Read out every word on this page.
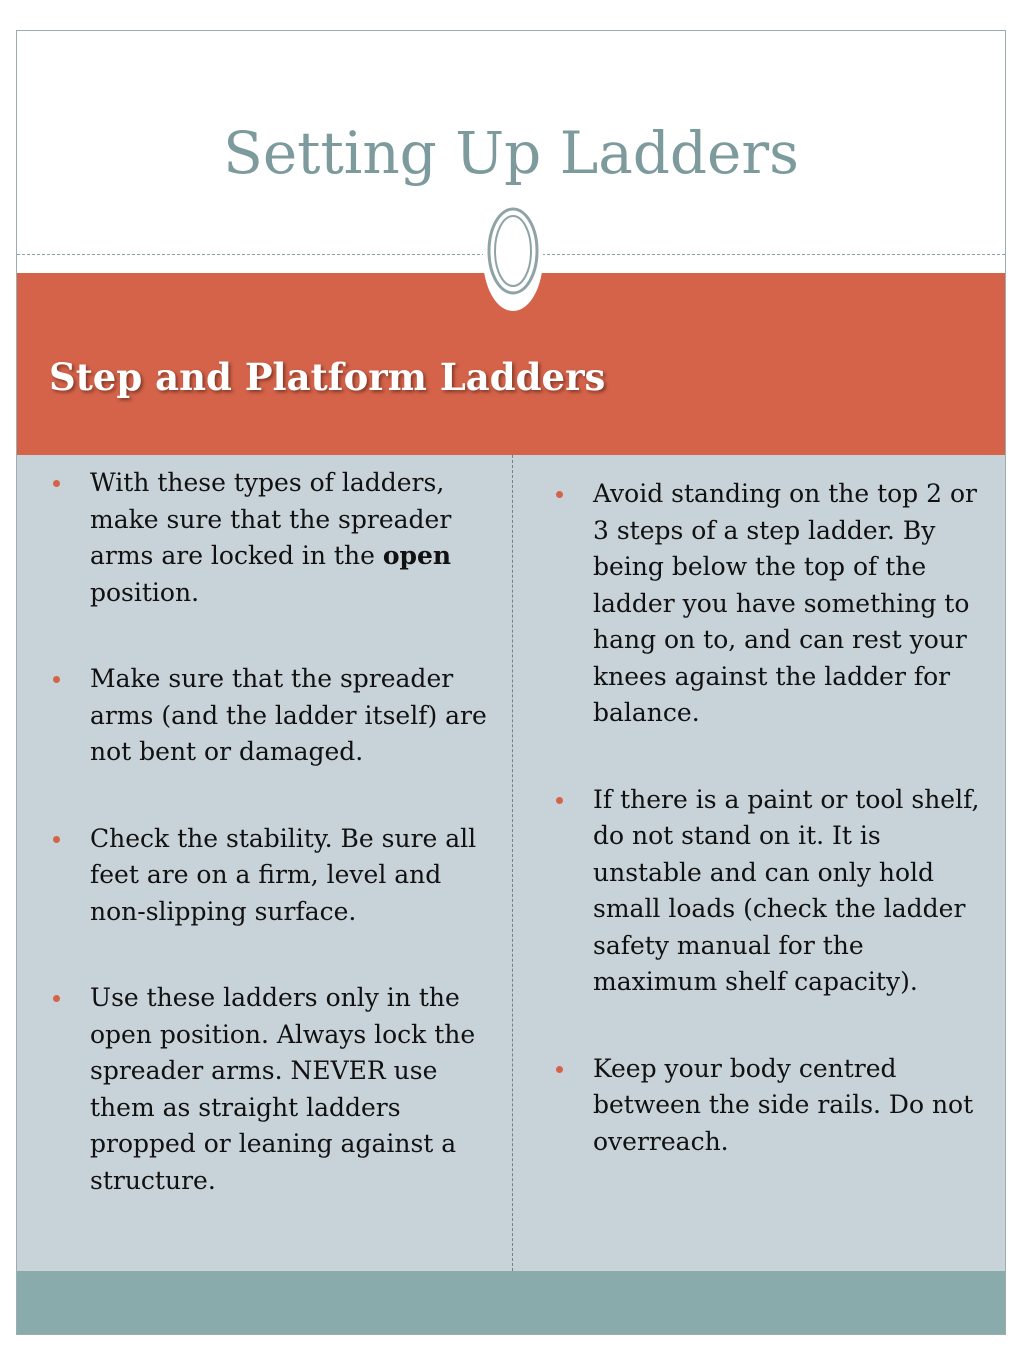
Setting Up Ladders
Step and Platform Ladders
With these types of ladders, make sure that the spreader arms are locked in the open position.
Make sure that the spreader arms (and the ladder itself) are not bent or damaged.
Check the stability. Be sure all feet are on a firm, level and non-slipping surface.
Use these ladders only in the open position. Always lock the spreader arms. NEVER use them as straight ladders propped or leaning against a structure.
Avoid standing on the top 2 or 3 steps of a step ladder. By being below the top of the ladder you have something to hang on to, and can rest your knees against the ladder for balance.
If there is a paint or tool shelf, do not stand on it. It is unstable and can only hold small loads (check the ladder safety manual for the maximum shelf capacity).
Keep your body centred between the side rails. Do not overreach.
